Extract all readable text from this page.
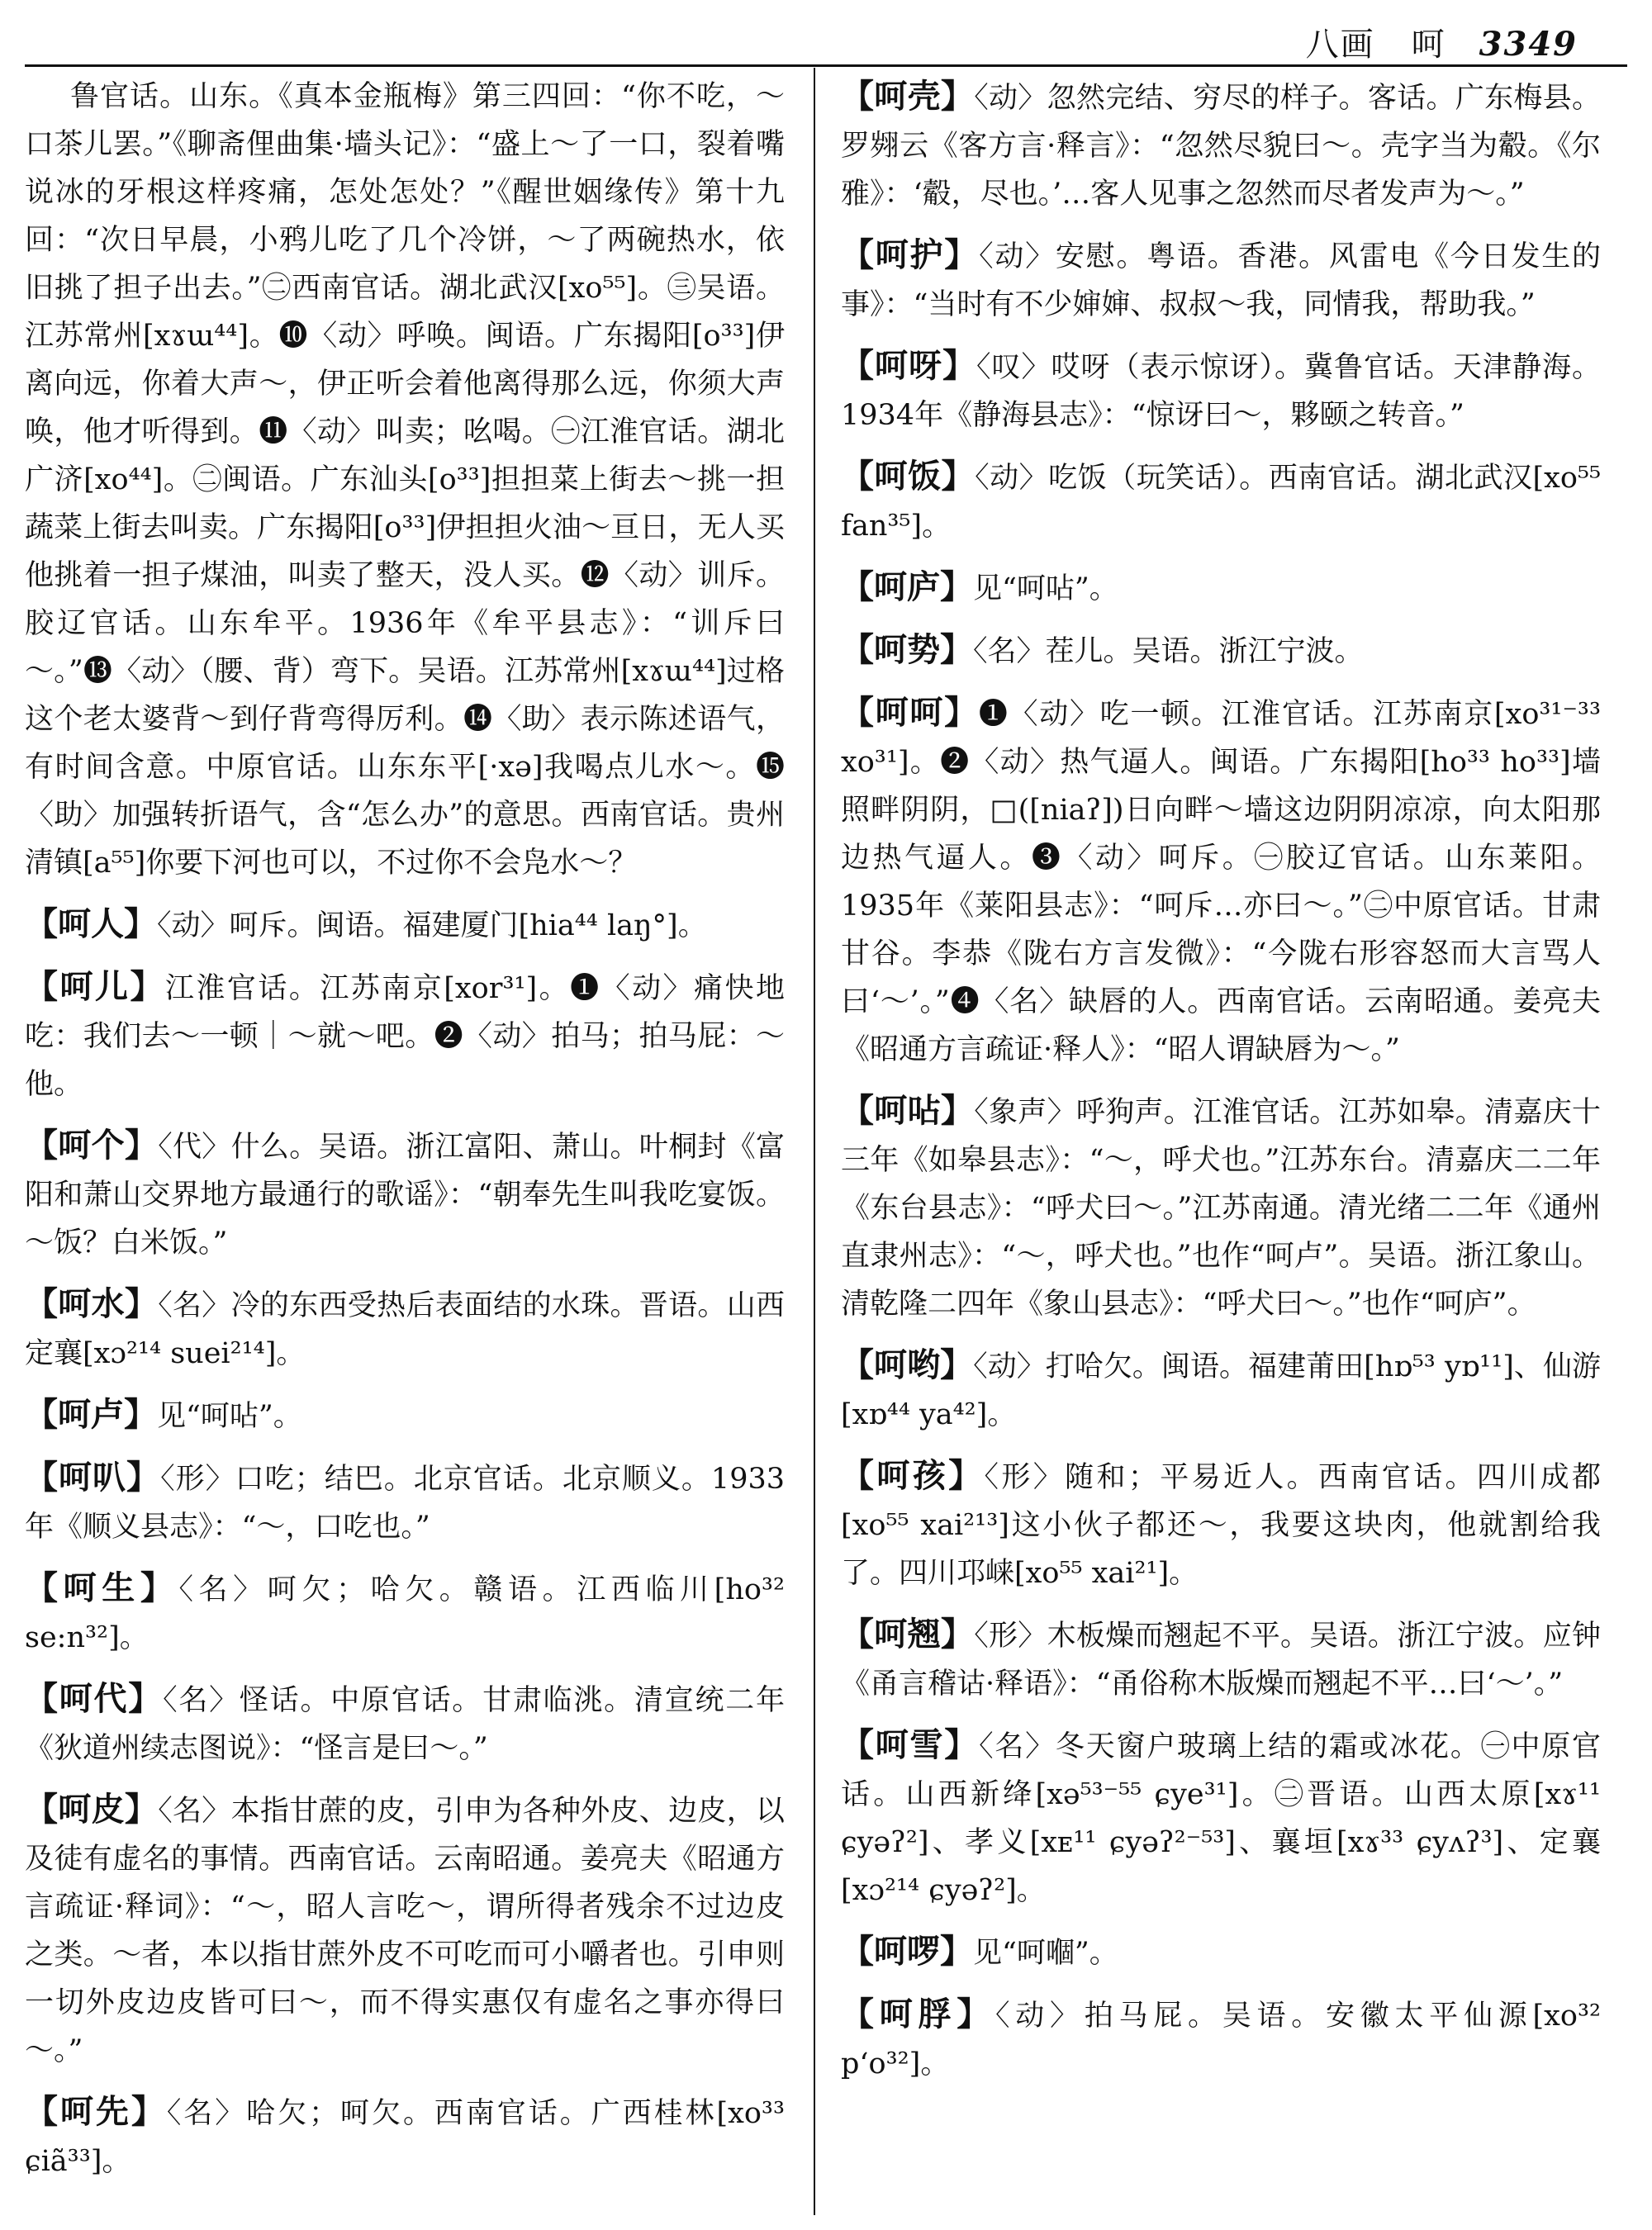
八画 呵 3349

鲁官话。山东。《真本金瓶梅》第三四回：“你不吃，～口茶儿罢。”《聊斋俚曲集·墙头记》：“盛上～了一口，裂着嘴说冰的牙根这样疼痛，怎处怎处？”《醒世姻缘传》第十九回：“次日早晨，小鸦儿吃了几个冷饼，～了两碗热水，依旧挑了担子出去。”㊁西南官话。湖北武汉[xo⁵⁵]。㊂吴语。江苏常州[xɤɯ⁴⁴]。❿〈动〉呼唤。闽语。广东揭阳[o³³]伊离向远，你着大声～，伊正听会着他离得那么远，你须大声唤，他才听得到。⓫〈动〉叫卖；吆喝。㊀江淮官话。湖北广济[xo⁴⁴]。㊁闽语。广东汕头[o³³]担担菜上街去～挑一担蔬菜上街去叫卖。广东揭阳[o³³]伊担担火油～亘日，无人买他挑着一担子煤油，叫卖了整天，没人买。⓬〈动〉训斥。胶辽官话。山东牟平。1936年《牟平县志》：“训斥曰～。”⓭〈动〉（腰、背）弯下。吴语。江苏常州[xɤɯ⁴⁴]过格这个老太婆背～到仔背弯得厉利。⓮〈助〉表示陈述语气，有时间含意。中原官话。山东东平[·xə]我喝点儿水～。⓯〈助〉加强转折语气，含“怎么办”的意思。西南官话。贵州清镇[a⁵⁵]你要下河也可以，不过你不会凫水～？

【呵人】〈动〉呵斥。闽语。福建厦门[hia⁴⁴ laŋ°]。

【呵儿】江淮官话。江苏南京[xor³¹]。❶〈动〉痛快地吃：我们去～一顿｜～就～吧。❷〈动〉拍马；拍马屁：～他。

【呵个】〈代〉什么。吴语。浙江富阳、萧山。叶桐封《富阳和萧山交界地方最通行的歌谣》：“朝奉先生叫我吃宴饭。～饭？白米饭。”

【呵水】〈名〉冷的东西受热后表面结的水珠。晋语。山西定襄[xɔ²¹⁴ suei²¹⁴]。

【呵卢】见“呵呫”。

【呵叭】〈形〉口吃；结巴。北京官话。北京顺义。1933年《顺义县志》：“～，口吃也。”

【呵生】〈名〉呵欠；哈欠。赣语。江西临川[ho³² se:n³²]。

【呵代】〈名〉怪话。中原官话。甘肃临洮。清宣统二年《狄道州续志图说》：“怪言是曰～。”

【呵皮】〈名〉本指甘蔗的皮，引申为各种外皮、边皮，以及徒有虚名的事情。西南官话。云南昭通。姜亮夫《昭通方言疏证·释词》：“～，昭人言吃～，谓所得者残余不过边皮之类。～者，本以指甘蔗外皮不可吃而可小嚼者也。引申则一切外皮边皮皆可曰～，而不得实惠仅有虚名之事亦得曰～。”

【呵先】〈名〉哈欠；呵欠。西南官话。广西桂林[xo³³ ɕiã³³]。

【呵壳】〈动〉忽然完结、穷尽的样子。客话。广东梅县。罗翙云《客方言·释言》：“忽然尽貌曰～。壳字当为觳。《尔雅》：‘觳，尽也。’…客人见事之忽然而尽者发声为～。”

【呵护】〈动〉安慰。粤语。香港。风雷电《今日发生的事》：“当时有不少婶婶、叔叔～我，同情我，帮助我。”

【呵呀】〈叹〉哎呀（表示惊讶）。冀鲁官话。天津静海。1934年《静海县志》：“惊讶曰～，夥颐之转音。”

【呵饭】〈动〉吃饭（玩笑话）。西南官话。湖北武汉[xo⁵⁵ fan³⁵]。

【呵庐】见“呵呫”。

【呵势】〈名〉茬儿。吴语。浙江宁波。

【呵呵】❶〈动〉吃一顿。江淮官话。江苏南京[xo³¹⁻³³ xo³¹]。❷〈动〉热气逼人。闽语。广东揭阳[ho³³ ho³³]墙照畔阴阴，□([niaʔ])日向畔～墙这边阴阴凉凉，向太阳那边热气逼人。❸〈动〉呵斥。㊀胶辽官话。山东莱阳。1935年《莱阳县志》：“呵斥…亦曰～。”㊁中原官话。甘肃甘谷。李恭《陇右方言发微》：“今陇右形容怒而大言骂人曰‘～’。”❹〈名〉缺唇的人。西南官话。云南昭通。姜亮夫《昭通方言疏证·释人》：“昭人谓缺唇为～。”

【呵呫】〈象声〉呼狗声。江淮官话。江苏如皋。清嘉庆十三年《如皋县志》：“～，呼犬也。”江苏东台。清嘉庆二二年《东台县志》：“呼犬曰～。”江苏南通。清光绪二二年《通州直隶州志》：“～，呼犬也。”也作“呵卢”。吴语。浙江象山。清乾隆二四年《象山县志》：“呼犬曰～。”也作“呵庐”。

【呵哟】〈动〉打哈欠。闽语。福建莆田[hɒ⁵³ yɒ¹¹]、仙游[xɒ⁴⁴ ya⁴²]。

【呵孩】〈形〉随和；平易近人。西南官话。四川成都[xo⁵⁵ xai²¹³]这小伙子都还～，我要这块肉，他就割给我了。四川邛崃[xo⁵⁵ xai²¹]。

【呵翘】〈形〉木板燥而翘起不平。吴语。浙江宁波。应钟《甬言稽诂·释语》：“甬俗称木版燥而翘起不平…曰‘～’。”

【呵雪】〈名〉冬天窗户玻璃上结的霜或冰花。㊀中原官话。山西新绛[xə⁵³⁻⁵⁵ ɕye³¹]。㊁晋语。山西太原[xɤ¹¹ ɕyəʔ²]、孝义[xᴇ¹¹ ɕyəʔ²⁻⁵³]、襄垣[xɤ³³ ɕyʌʔ³]、定襄[xɔ²¹⁴ ɕyəʔ²]。

【呵啰】见“呵嗰”。

【呵脬】〈动〉拍马屁。吴语。安徽太平仙源[xo³² p‘o³²]。
